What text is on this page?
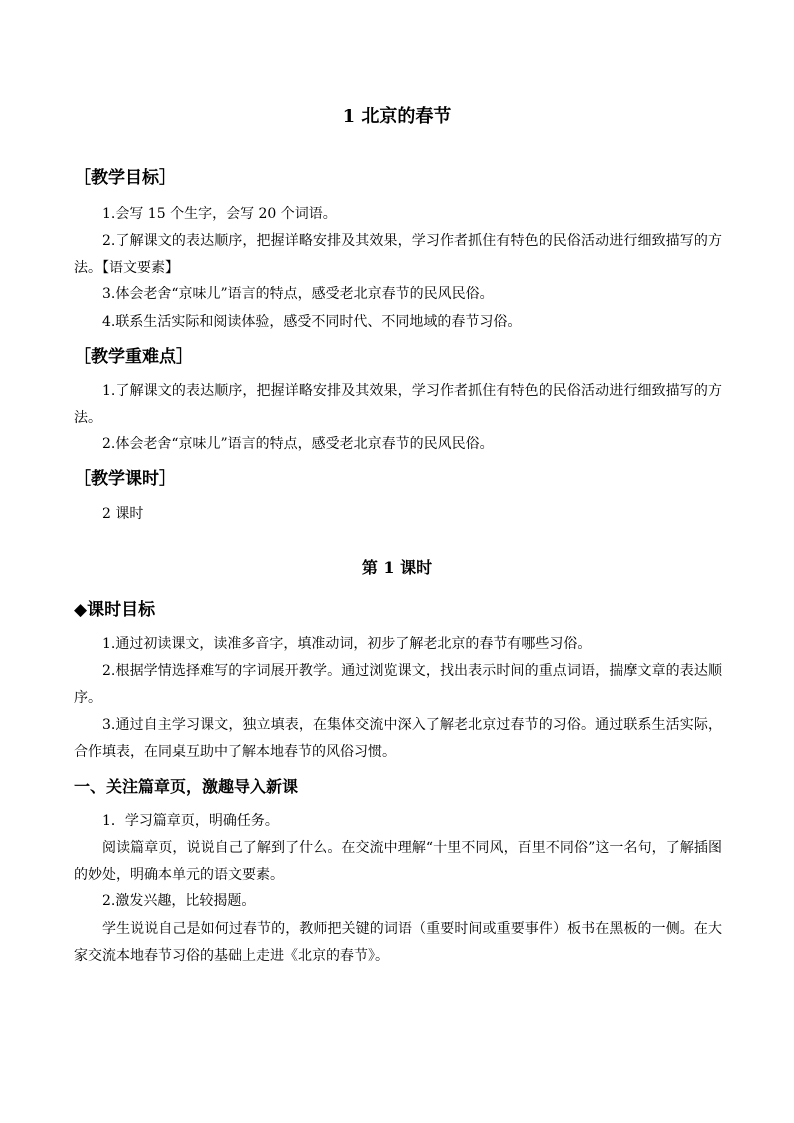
1 北京的春节
［教学目标］

1.会写 15 个生字，会写 20 个词语。

2.了解课文的表达顺序，把握详略安排及其效果，学习作者抓住有特色的民俗活动进行细致描写的方法。【语文要素】

3.体会老舍“京味儿”语言的特点，感受老北京春节的民风民俗。

4.联系生活实际和阅读体验，感受不同时代、不同地域的春节习俗。

［教学重难点］

1.了解课文的表达顺序，把握详略安排及其效果，学习作者抓住有特色的民俗活动进行细致描写的方法。

2.体会老舍“京味儿”语言的特点，感受老北京春节的民风民俗。

［教学课时］

2 课时

第 1 课时
◆课时目标

1.通过初读课文，读准多音字，填准动词，初步了解老北京的春节有哪些习俗。

2.根据学情选择难写的字词展开教学。通过浏览课文，找出表示时间的重点词语，揣摩文章的表达顺序。

3.通过自主学习课文，独立填表，在集体交流中深入了解老北京过春节的习俗。通过联系生活实际，合作填表，在同桌互助中了解本地春节的风俗习惯。

一、关注篇章页，激趣导入新课

1．学习篇章页，明确任务。

阅读篇章页，说说自己了解到了什么。在交流中理解“十里不同风，百里不同俗”这一名句，了解插图的妙处，明确本单元的语文要素。

2.激发兴趣，比较揭题。

学生说说自己是如何过春节的，教师把关键的词语（重要时间或重要事件）板书在黑板的一侧。在大家交流本地春节习俗的基础上走进《北京的春节》。
